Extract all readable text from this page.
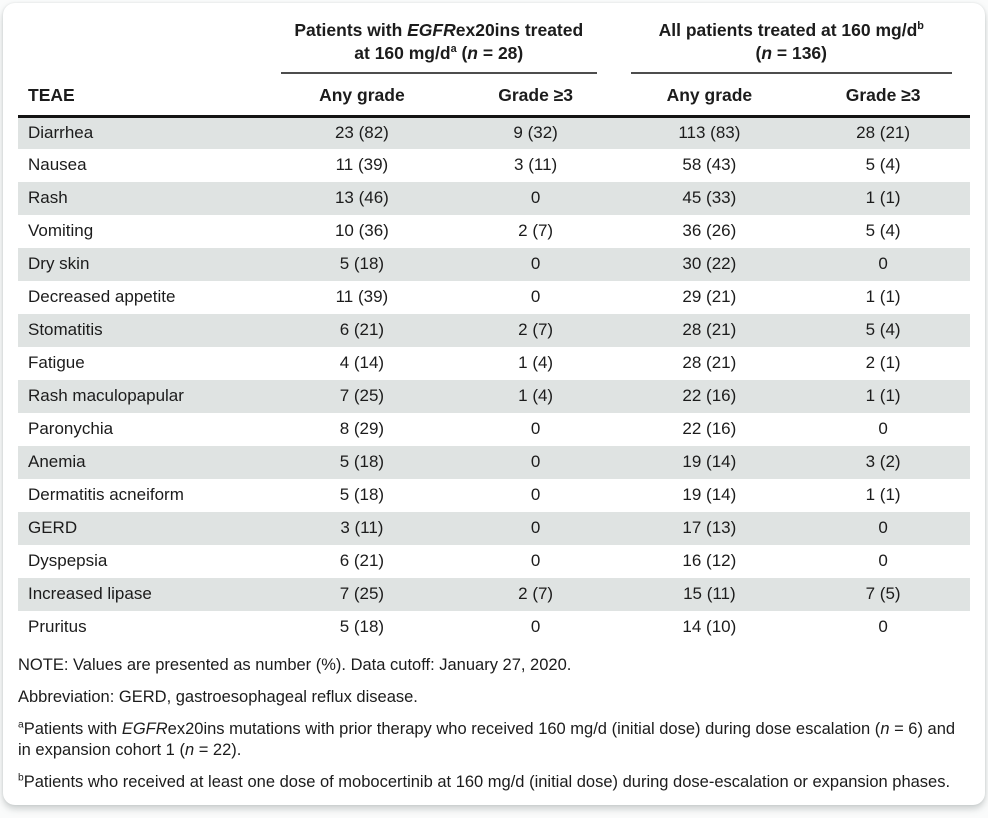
	Patients with EGFRex20ins treated
at 160 $mg/d^a$ (n = 28)		All patients treated at 160 $mg/d^b$
(n = 136)	

TEAE	Any grade	Grade ≥3	Any grade	Grade ≥3
Diarrhea	23 (82)	9 (32)	113 (83)	28 (21)
Nausea	11 (39)	3 (11)	58 (43)	5 (4)
Rash	13 (46)	0	45 (33)	1 (1)
Vomiting	10 (36)	2 (7)	36 (26)	5 (4)
Dry skin	5 (18)	0	30 (22)	0
Decreased appetite	11 (39)	0	29 (21)	1 (1)
Stomatitis	6 (21)	2 (7)	28 (21)	5 (4)
Fatigue	4 (14)	1 (4)	28 (21)	2 (1)
Rash maculopapular	7 (25)	1 (4)	22 (16)	1 (1)
Paronychia	8 (29)	0	22 (16)	0
Anemia	5 (18)	0	19 (14)	3 (2)
Dermatitis acneiform	5 (18)	0	19 (14)	1 (1)
GERD	3 (11)	0	17 (13)	0
Dyspepsia	6 (21)	0	16 (12)	0
Increased lipase	7 (25)	2 (7)	15 (11)	7 (5)
Pruritus	5 (18)	0	14 (10)	0

NOTE: Values are presented as number (%). Data cutoff: January 27, 2020.

Abbreviation: GERD, gastroesophageal reflux disease.

$^a$Patients with EGFRex20ins mutations with prior therapy who received 160 mg/d (initial dose) during dose escalation (n = 6) and in expansion cohort 1 (n = 22).

$^b$Patients who received at least one dose of mobocertinib at 160 mg/d (initial dose) during dose-escalation or expansion phases.
